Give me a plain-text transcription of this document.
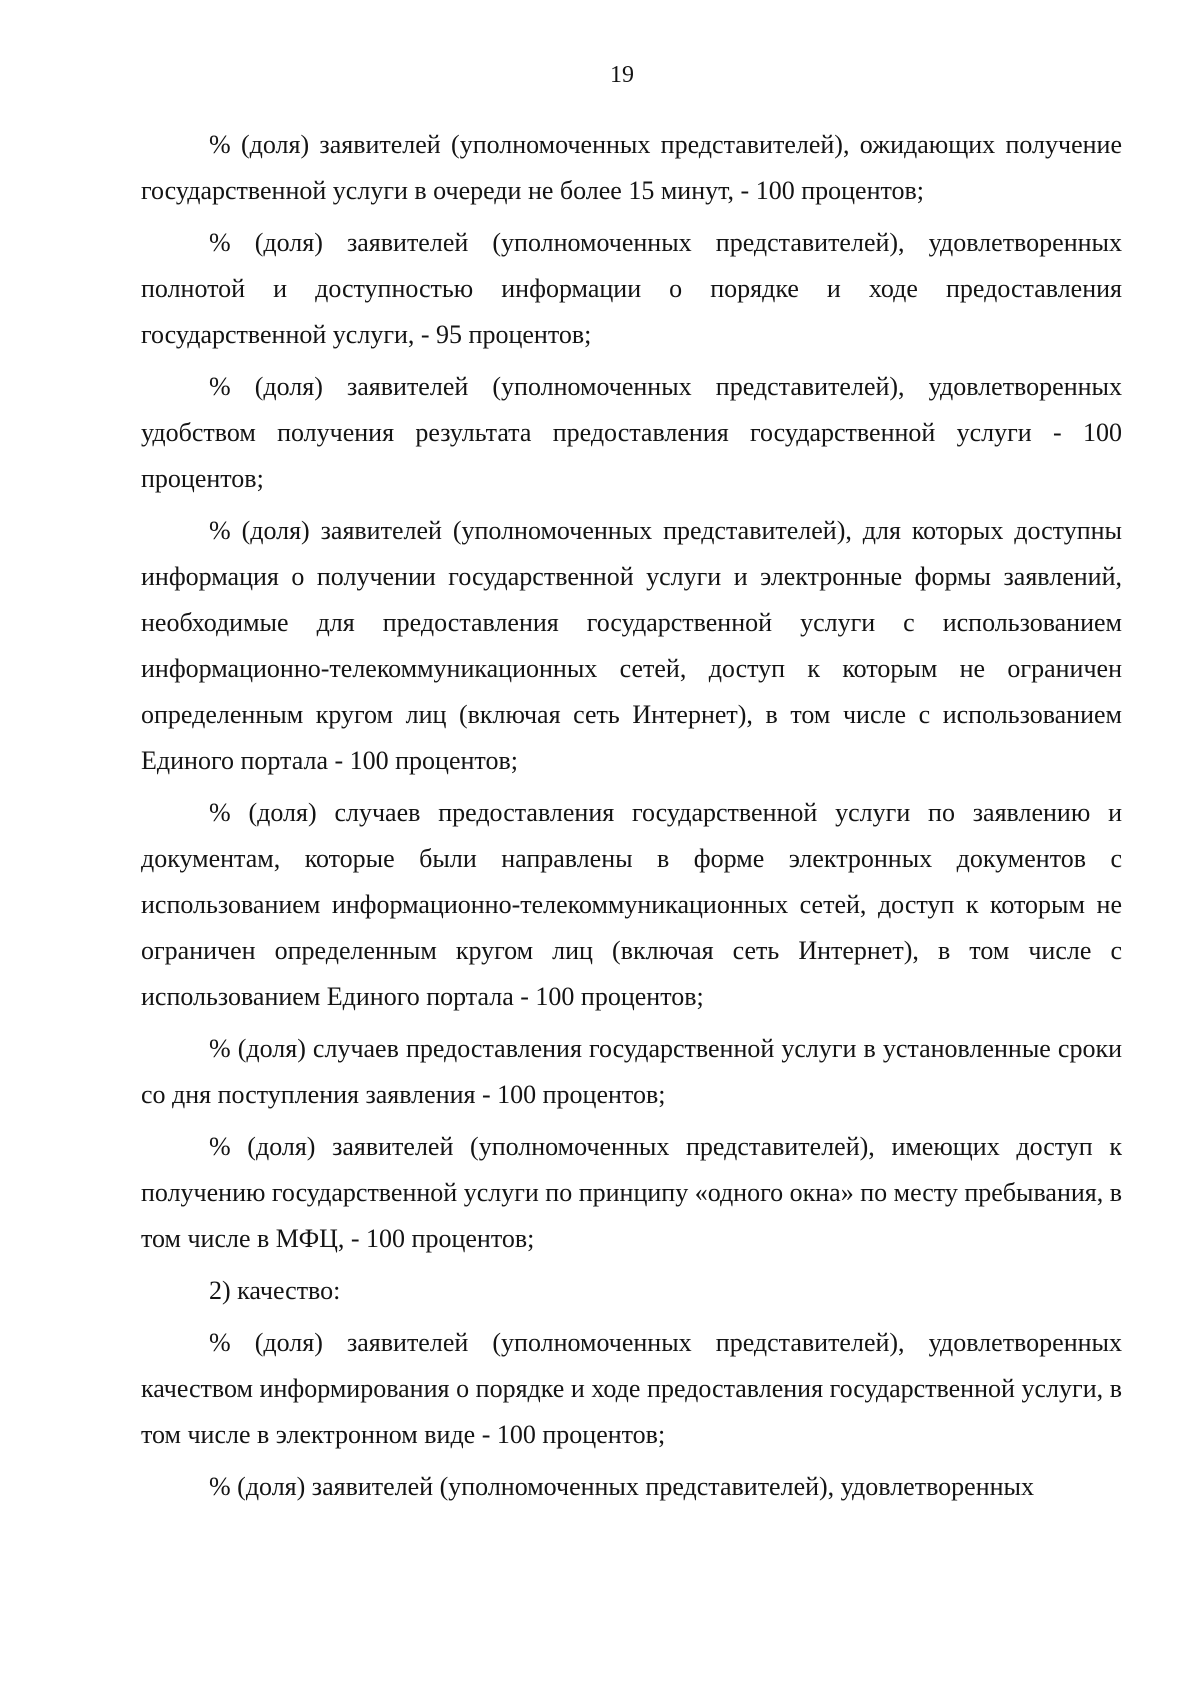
19

% (доля) заявителей (уполномоченных представителей), ожидающих получение государственной услуги в очереди не более 15 минут, - 100 процентов;

% (доля) заявителей (уполномоченных представителей), удовлетворенных полнотой и доступностью информации о порядке и ходе предоставления государственной услуги, - 95 процентов;

% (доля) заявителей (уполномоченных представителей), удовлетворенных удобством получения результата предоставления государственной услуги - 100 процентов;

% (доля) заявителей (уполномоченных представителей), для которых доступны информация о получении государственной услуги и электронные формы заявлений, необходимые для предоставления государственной услуги с использованием информационно-телекоммуникационных сетей, доступ к которым не ограничен определенным кругом лиц (включая сеть Интернет), в том числе с использованием Единого портала - 100 процентов;

% (доля) случаев предоставления государственной услуги по заявлению и документам, которые были направлены в форме электронных документов с использованием информационно-телекоммуникационных сетей, доступ к которым не ограничен определенным кругом лиц (включая сеть Интернет), в том числе с использованием Единого портала - 100 процентов;

% (доля) случаев предоставления государственной услуги в установленные сроки со дня поступления заявления - 100 процентов;

% (доля) заявителей (уполномоченных представителей), имеющих доступ к получению государственной услуги по принципу «одного окна» по месту пребывания, в том числе в МФЦ, - 100 процентов;

2) качество:

% (доля) заявителей (уполномоченных представителей), удовлетворенных качеством информирования о порядке и ходе предоставления государственной услуги, в том числе в электронном виде - 100 процентов;

% (доля) заявителей (уполномоченных представителей), удовлетворенных
